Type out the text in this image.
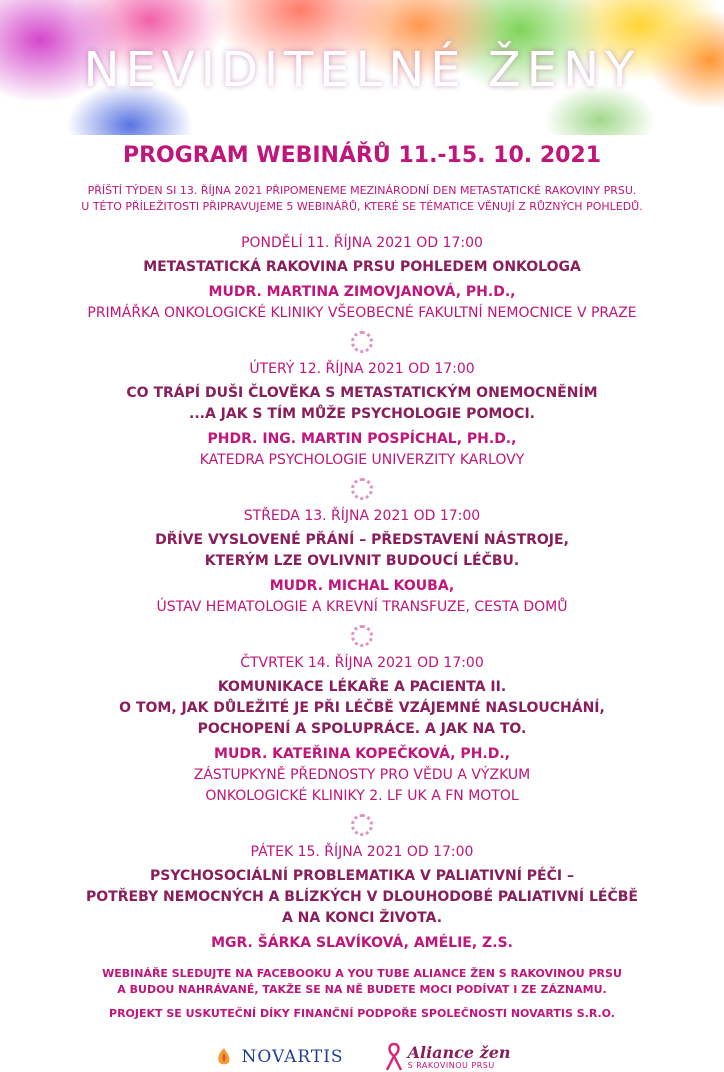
NEVIDITELNÉ ŽENY
PROGRAM WEBINÁŘŮ 11.-15. 10. 2021
PŘÍŠTÍ TÝDEN SI 13. ŘÍJNA 2021 PŘIPOMENEME MEZINÁRODNÍ DEN METASTATICKÉ RAKOVINY PRSU.
U TÉTO PŘÍLEŽITOSTI PŘIPRAVUJEME 5 WEBINÁŘŮ, KTERÉ SE TÉMATICE VĚNUJÍ Z RŮZNÝCH POHLEDŮ.
PONDĚLÍ 11. ŘÍJNA 2021 OD 17:00
METASTATICKÁ RAKOVINA PRSU POHLEDEM ONKOLOGA
MUDR. MARTINA ZIMOVJANOVÁ, PH.D.,
PRIMÁŘKA ONKOLOGICKÉ KLINIKY VŠEOBECNÉ FAKULTNÍ NEMOCNICE V PRAZE
ÚTERÝ 12. ŘÍJNA 2021 OD 17:00
CO TRÁPÍ DUŠI ČLOVĚKA S METASTATICKÝM ONEMOCNĚNÍM
...A JAK S TÍM MŮŽE PSYCHOLOGIE POMOCI.
PHDR. ING. MARTIN POSPÍCHAL, PH.D.,
KATEDRA PSYCHOLOGIE UNIVERZITY KARLOVY
STŘEDA 13. ŘÍJNA 2021 OD 17:00
DŘÍVE VYSLOVENÉ PŘÁNÍ – PŘEDSTAVENÍ NÁSTROJE,
KTERÝM LZE OVLIVNIT BUDOUCÍ LÉČBU.
MUDR. MICHAL KOUBA,
ÚSTAV HEMATOLOGIE A KREVNÍ TRANSFUZE, CESTA DOMŮ
ČTVRTEK 14. ŘÍJNA 2021 OD 17:00
KOMUNIKACE LÉKAŘE A PACIENTA II.
O TOM, JAK DŮLEŽITÉ JE PŘI LÉČBĚ VZÁJEMNÉ NASLOUCHÁNÍ,
POCHOPENÍ A SPOLUPRÁCE. A JAK NA TO.
MUDR. KATEŘINA KOPEČKOVÁ, PH.D.,
ZÁSTUPKYNĚ PŘEDNOSTY PRO VĚDU A VÝZKUM
ONKOLOGICKÉ KLINIKY 2. LF UK A FN MOTOL
PÁTEK 15. ŘÍJNA 2021 OD 17:00
PSYCHOSOCIÁLNÍ PROBLEMATIKA V PALIATIVNÍ PÉČI –
POTŘEBY NEMOCNÝCH A BLÍZKÝCH V DLOUHODOBÉ PALIATIVNÍ LÉČBĚ
A NA KONCI ŽIVOTA.
MGR. ŠÁRKA SLAVÍKOVÁ, AMÉLIE, Z.S.
WEBINÁŘE SLEDUJTE NA FACEBOOKU A YOU TUBE ALIANCE ŽEN S RAKOVINOU PRSU
A BUDOU NAHRÁVANÉ, TAKŽE SE NA NĚ BUDETE MOCI PODÍVAT I ZE ZÁZNAMU.
PROJEKT SE USKUTEČNÍ DÍKY FINANČNÍ PODPOŘE SPOLEČNOSTI NOVARTIS S.R.O.
NOVARTIS	Aliance žen
S RAKOVINOU PRSU
